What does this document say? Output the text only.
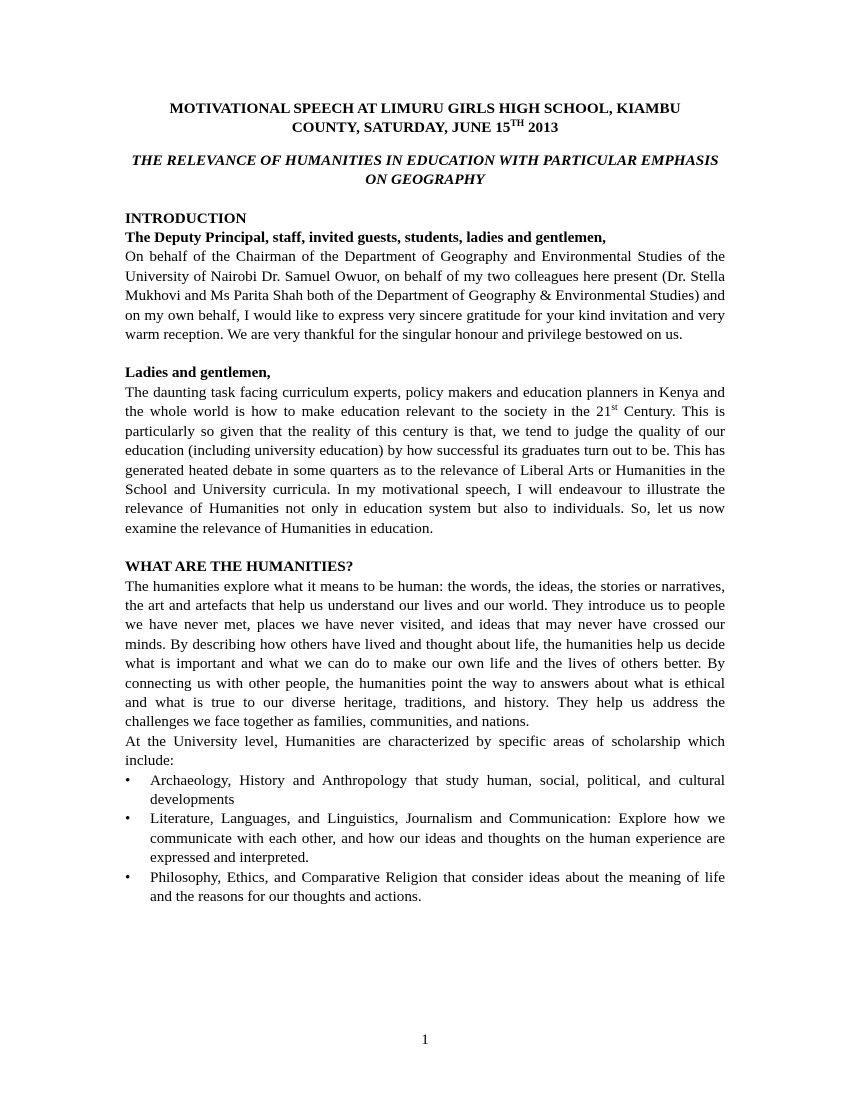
MOTIVATIONAL SPEECH AT LIMURU GIRLS HIGH SCHOOL, KIAMBU
COUNTY, SATURDAY, JUNE 15TH 2013

THE RELEVANCE OF HUMANITIES IN EDUCATION WITH PARTICULAR EMPHASIS ON GEOGRAPHY

INTRODUCTION

The Deputy Principal, staff, invited guests, students, ladies and gentlemen,

On behalf of the Chairman of the Department of Geography and Environmental Studies of the University of Nairobi Dr. Samuel Owuor, on behalf of my two colleagues here present (Dr. Stella Mukhovi and Ms Parita Shah both of the Department of Geography & Environmental Studies) and on my own behalf, I would like to express very sincere gratitude for your kind invitation and very warm reception. We are very thankful for the singular honour and privilege bestowed on us.

Ladies and gentlemen,

The daunting task facing curriculum experts, policy makers and education planners in Kenya and the whole world is how to make education relevant to the society in the 21st Century. This is particularly so given that the reality of this century is that, we tend to judge the quality of our education (including university education) by how successful its graduates turn out to be. This has generated heated debate in some quarters as to the relevance of Liberal Arts or Humanities in the School and University curricula. In my motivational speech, I will endeavour to illustrate the relevance of Humanities not only in education system but also to individuals. So, let us now examine the relevance of Humanities in education.

WHAT ARE THE HUMANITIES?

The humanities explore what it means to be human: the words, the ideas, the stories or narratives, the art and artefacts that help us understand our lives and our world. They introduce us to people we have never met, places we have never visited, and ideas that may never have crossed our minds. By describing how others have lived and thought about life, the humanities help us decide what is important and what we can do to make our own life and the lives of others better. By connecting us with other people, the humanities point the way to answers about what is ethical and what is true to our diverse heritage, traditions, and history. They help us address the challenges we face together as families, communities, and nations.

At the University level, Humanities are characterized by specific areas of scholarship which include:

• Archaeology, History and Anthropology that study human, social, political, and cultural developments
• Literature, Languages, and Linguistics, Journalism and Communication: Explore how we communicate with each other, and how our ideas and thoughts on the human experience are expressed and interpreted.
• Philosophy, Ethics, and Comparative Religion that consider ideas about the meaning of life and the reasons for our thoughts and actions.
1
